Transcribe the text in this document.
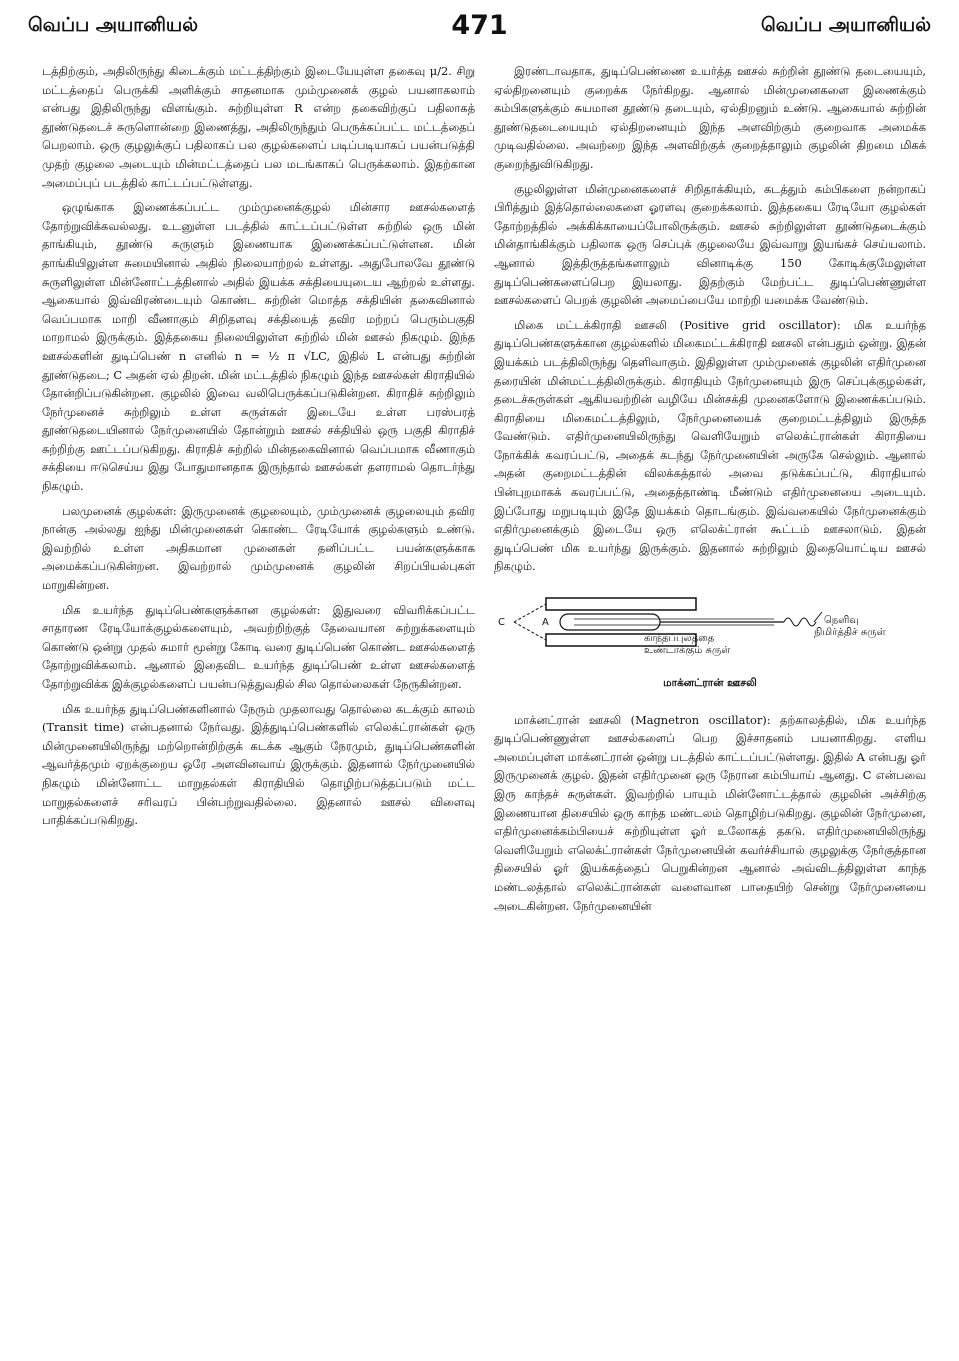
வெப்ப அயானியல்	471	வெப்ப அயானியல்

டத்திற்கும், அதிலிருந்து கிடைக்கும் மட்டத்திற்கும் இடையேயுள்ள தகைவு μ/2. சிறு மட்டத்தைப் பெருக்கி அளிக்கும் சாதனமாக மும்முனைக் குழல் பயனாகலாம் என்பது இதிலிருந்து விளங்கும். சுற்றியுள்ள R என்ற தகைவிற்குப் பதிலாகத் தூண்டுதடைச் சுருளொன்றை இணைத்து, அதிலிருந்தும் பெருக்கப்பட்ட மட்டத்தைப் பெறலாம். ஒரு குழலுக்குப் பதிலாகப் பல குழல்களைப் படிப்படியாகப் பயன்படுத்தி முதற் குழலை அடையும் மின்மட்டத்தைப் பல மடங்காகப் பெருக்கலாம். இதற்கான அமைப்புப் படத்தில் காட்டப்பட்டுள்ளது.

ஒழுங்காக இணைக்கப்பட்ட மும்முனைக்குழல் மின்சார ஊசல்களைத் தோற்றுவிக்கவல்லது. உடனுள்ள படத்தில் காட்டப்பட்டுள்ள சுற்றில் ஒரு மின் தாங்கியும், தூண்டு சுருளும் இணையாக இணைக்கப்பட்டுள்ளன. மின் தாங்கியிலுள்ள சுமையினால் அதில் நிலையாற்றல் உள்ளது. அதுபோலவே தூண்டு சுருளிலுள்ள மின்னோட்டத்தினால் அதில் இயக்க சக்தியையுடைய ஆற்றல் உள்ளது. ஆகையால் இவ்விரண்டையும் கொண்ட சுற்றின் மொத்த சக்தியின் தகைவினால் வெப்பமாக மாறி வீணாகும் சிறிதளவு சக்தியைத் தவிர மற்றப் பெரும்பகுதி மாறாமல் இருக்கும். இத்தகைய நிலையிலுள்ள சுற்றில் மின் ஊசல் நிகழும். இந்த ஊசல்களின் துடிப்பெண் n எனில் n = ½ π √LC, இதில் L என்பது சுற்றின் தூண்டுதடை; C அதன் ஏல் திறன். மின் மட்டத்தில் நிகழும் இந்த ஊசல்கள் கிராதியில் தோன்றிப்படுகின்றன. குழலில் இவை வலிபெருக்கப்படுகின்றன. கிராதிச் சுற்றிலும் நேர்முனைச் சுற்றிலும் உள்ள சுருள்கள் இடையே உள்ள பரஸ்பரத் தூண்டுதடையினால் நேர்முனையில் தோன்றும் ஊசல் சக்தியில் ஒரு பகுதி கிராதிச் சுற்றிற்கு ஊட்டப்படுகிறது. கிராதிச் சுற்றில் மின்தகைவினால் வெப்பமாக வீணாகும் சக்தியை ஈடுசெய்ய இது போதுமானதாக இருந்தால் ஊசல்கள் தளராமல் தொடர்ந்து நிகழும்.

பலமுனைக் குழல்கள்: இருமுனைக் குழலையும், மும்முனைக் குழலையும் தவிர நான்கு அல்லது ஐந்து மின்முனைகள் கொண்ட ரேடியோக் குழல்களும் உண்டு. இவற்றில் உள்ள அதிகமான முனைகள் தனிப்பட்ட பயன்களுக்காக அமைக்கப்படுகின்றன. இவற்றால் மும்முனைக் குழலின் சிறப்பியல்புகள் மாறுகின்றன.

மிக உயர்ந்த துடிப்பெண்களுக்கான குழல்கள்: இதுவரை விவரிக்கப்பட்ட சாதாரண ரேடியோக்குழல்களையும், அவற்றிற்குத் தேவையான சுற்றுக்களையும் கொண்டு ஒன்று முதல் சுமார் மூன்று கோடி வரை துடிப்பெண் கொண்ட ஊசல்களைத் தோற்றுவிக்கலாம். ஆனால் இதைவிட உயர்ந்த துடிப்பெண் உள்ள ஊசல்களைத் தோற்றுவிக்க இக்குழல்களைப் பயன்படுத்துவதில் சில தொல்லைகள் நேருகின்றன.

மிக உயர்ந்த துடிப்பெண்களினால் நேரும் முதலாவது தொல்லை கடக்கும் காலம் (Transit time) என்பதனால் நேர்வது. இத்துடிப்பெண்களில் எலெக்ட்ரான்கள் ஒரு மின்முனையிலிருந்து மற்றொன்றிற்குக் கடக்க ஆகும் நேரமும், துடிப்பெண்களின் ஆவர்த்தமும் ஏறக்குறைய ஒரே அளவினவாய் இருக்கும். இதனால் நேர்முனையில் நிகழும் மின்னோட்ட மாறுதல்கள் கிராதியில் தொழிற்படுத்தப்படும் மட்ட மாறுதல்களைச் சரிவரப் பின்பற்றுவதில்லை. இதனால் ஊசல் விளைவு பாதிக்கப்படுகிறது.

இரண்டாவதாக, துடிப்பெண்ணை உயர்த்த ஊசல் சுற்றின் தூண்டு தடையையும், ஏல்திறனையும் குறைக்க நேர்கிறது. ஆனால் மின்முனைகளை இணைக்கும் கம்பிகளுக்கும் சுயமான தூண்டு தடையும், ஏல்திறனும் உண்டு. ஆகையால் சுற்றின் தூண்டுதடையையும் ஏல்திறனையும் இந்த அளவிற்கும் குறைவாக அமைக்க முடிவதில்லை. அவற்றை இந்த அளவிற்குக் குறைத்தாலும் குழலின் திறமை மிகக் குறைந்துவிடுகிறது.

குழலிலுள்ள மின்முனைகளைச் சிறிதாக்கியும், கடத்தும் கம்பிகளை நன்றாகப் பிரித்தும் இத்தொல்லைகளை ஓரளவு குறைக்கலாம். இத்தகைய ரேடியோ குழல்கள் தோற்றத்தில் அக்கிக்காயைப்போலிருக்கும். ஊசல் சுற்றிலுள்ள தூண்டுதடைக்கும் மின்தாங்கிக்கும் பதிலாக ஒரு செப்புக் குழலையே இவ்வாறு இயங்கச் செய்யலாம். ஆனால் இத்திருத்தங்களாலும் வினாடிக்கு 150 கோடிக்குமேலுள்ள துடிப்பெண்களைப்பெற இயலாது. இதற்கும் மேற்பட்ட துடிப்பெண்ணுள்ள ஊசல்களைப் பெறக் குழலின் அமைப்பையே மாற்றி யமைக்க வேண்டும்.

மிகை மட்டக்கிராதி ஊசலி (Positive grid oscillator): மிக உயர்ந்த துடிப்பெண்களுக்கான குழல்களில் மிகைமட்டக்கிராதி ஊசலி என்பதும் ஒன்று. இதன் இயக்கம் படத்திலிருந்து தெளிவாகும். இதிலுள்ள மும்முனைக் குழலின் எதிர்முனை தரையின் மின்மட்டத்திலிருக்கும். கிராதியும் நேர்முனையும் இரு செப்புக்குழல்கள், தடைச்சுருள்கள் ஆகியவற்றின் வழியே மின்சக்தி முனைகளோடு இணைக்கப்படும். கிராதியை மிகைமட்டத்திலும், நேர்முனையைக் குறைமட்டத்திலும் இருத்த வேண்டும். எதிர்முனையிலிருந்து வெளியேறும் எலெக்ட்ரான்கள் கிராதியை நோக்கிக் கவரப்பட்டு, அதைக் கடந்து நேர்முனையின் அருகே செல்லும். ஆனால் அதன் குறைமட்டத்தின் விலக்கத்தால் அவை தடுக்கப்பட்டு, கிராதியால் பின்புறமாகக் கவரப்பட்டு, அதைத்தாண்டி மீண்டும் எதிர்முனையை அடையும். இப்போது மறுபடியும் இதே இயக்கம் தொடங்கும். இவ்வகையில் நேர்முனைக்கும் எதிர்முனைக்கும் இடையே ஒரு எலெக்ட்ரான் கூட்டம் ஊசலாடும். இதன் துடிப்பெண் மிக உயர்ந்து இருக்கும். இதனால் சுற்றிலும் இதையொட்டிய ஊசல் நிகழும்.

C	A
காந்தப்புலத்தை
உண்டாக்கும் சுருள்
நெளிவு
நிமிர்த்திச் சுருள்
மாக்னட்ரான் ஊசலி

மாக்னட்ரான் ஊசலி (Magnetron oscillator): தற்காலத்தில், மிக உயர்ந்த துடிப்பெண்ணுள்ள ஊசல்களைப் பெற இச்சாதனம் பயனாகிறது. எளிய அமைப்புள்ள மாக்னட்ரான் ஒன்று படத்தில் காட்டப்பட்டுள்ளது. இதில் A என்பது ஓர் இருமுனைக் குழல். இதன் எதிர்முனை ஒரு நேரான கம்பியாய் ஆனது. C என்பவை இரு காந்தச் சுருள்கள். இவற்றில் பாயும் மின்னோட்டத்தால் குழலின் அச்சிற்கு இணையான திசையில் ஒரு காந்த மண்டலம் தொழிற்படுகிறது. குழலின் நேர்முனை, எதிர்முனைக்கம்பியைச் சுற்றியுள்ள ஓர் உலோகத் தகடு. எதிர்முனையிலிருந்து வெளியேறும் எலெக்ட்ரான்கள் நேர்முனையின் கவர்ச்சியால் குழலுக்கு நேர்குத்தான திசையில் ஓர் இயக்கத்தைப் பெறுகின்றன ஆனால் அவ்விடத்திலுள்ள காந்த மண்டலத்தால் எலெக்ட்ரான்கள் வளைவான பாதையிற் சென்று நேர்முனையை அடைகின்றன. நேர்முனையின்
